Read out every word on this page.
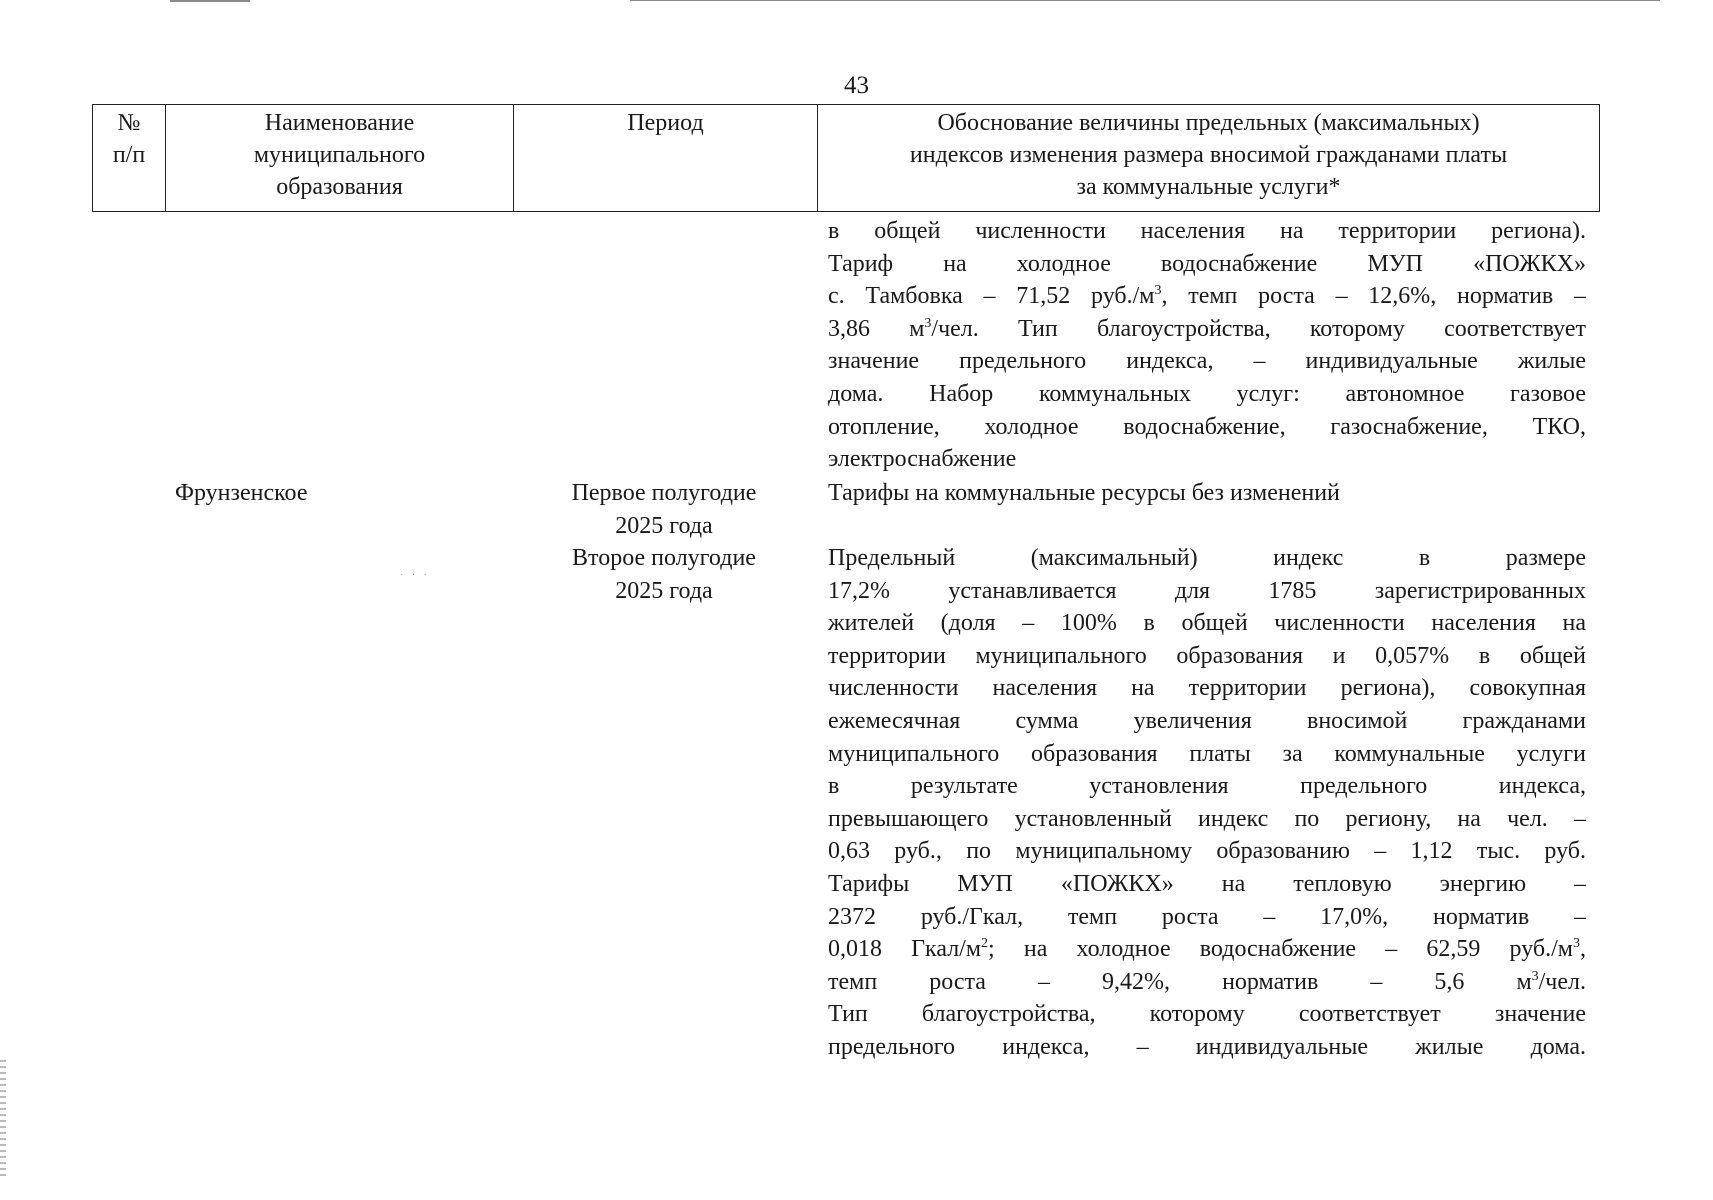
43
№
п/п
Наименование
муниципального
образования
Период	Обоснование величины предельных (максимальных)
индексов изменения размера вносимой гражданами платы
за коммунальные услуги*

в общей численности населения на территории региона).

Тариф на холодное водоснабжение МУП «ПОЖКХ»

с. Тамбовка – 71,52 $руб./м^3$, темп роста – 12,6%, норматив –

3,86 $м^3$/чел. Тип благоустройства, которому соответствует

значение предельного индекса, – индивидуальные жилые

дома. Набор коммунальных услуг: автономное газовое

отопление, холодное водоснабжение, газоснабжение, ТКО,

электроснабжение

Фрунзенское	Первое полугодие
2025 года
Тарифы на коммунальные ресурсы без изменений
Второе полугодие
2025 года
· · ·

Предельный (максимальный) индекс в размере

17,2% устанавливается для 1785 зарегистрированных

жителей (доля – 100% в общей численности населения на

территории муниципального образования и 0,057% в общей

численности населения на территории региона), совокупная

ежемесячная сумма увеличения вносимой гражданами

муниципального образования платы за коммунальные услуги

в результате установления предельного индекса,

превышающего установленный индекс по региону, на чел. –

0,63 руб., по муниципальному образованию – 1,12 тыс. руб.

Тарифы МУП «ПОЖКХ» на тепловую энергию –

2372 руб./Гкал, темп роста – 17,0%, норматив –

0,018 Гкал/$м^2$; на холодное водоснабжение – 62,59 $руб./м^3$,

темп роста – 9,42%, норматив – 5,6 $м^3$/чел.

Тип благоустройства, которому соответствует значение

предельного индекса, – индивидуальные жилые дома.
